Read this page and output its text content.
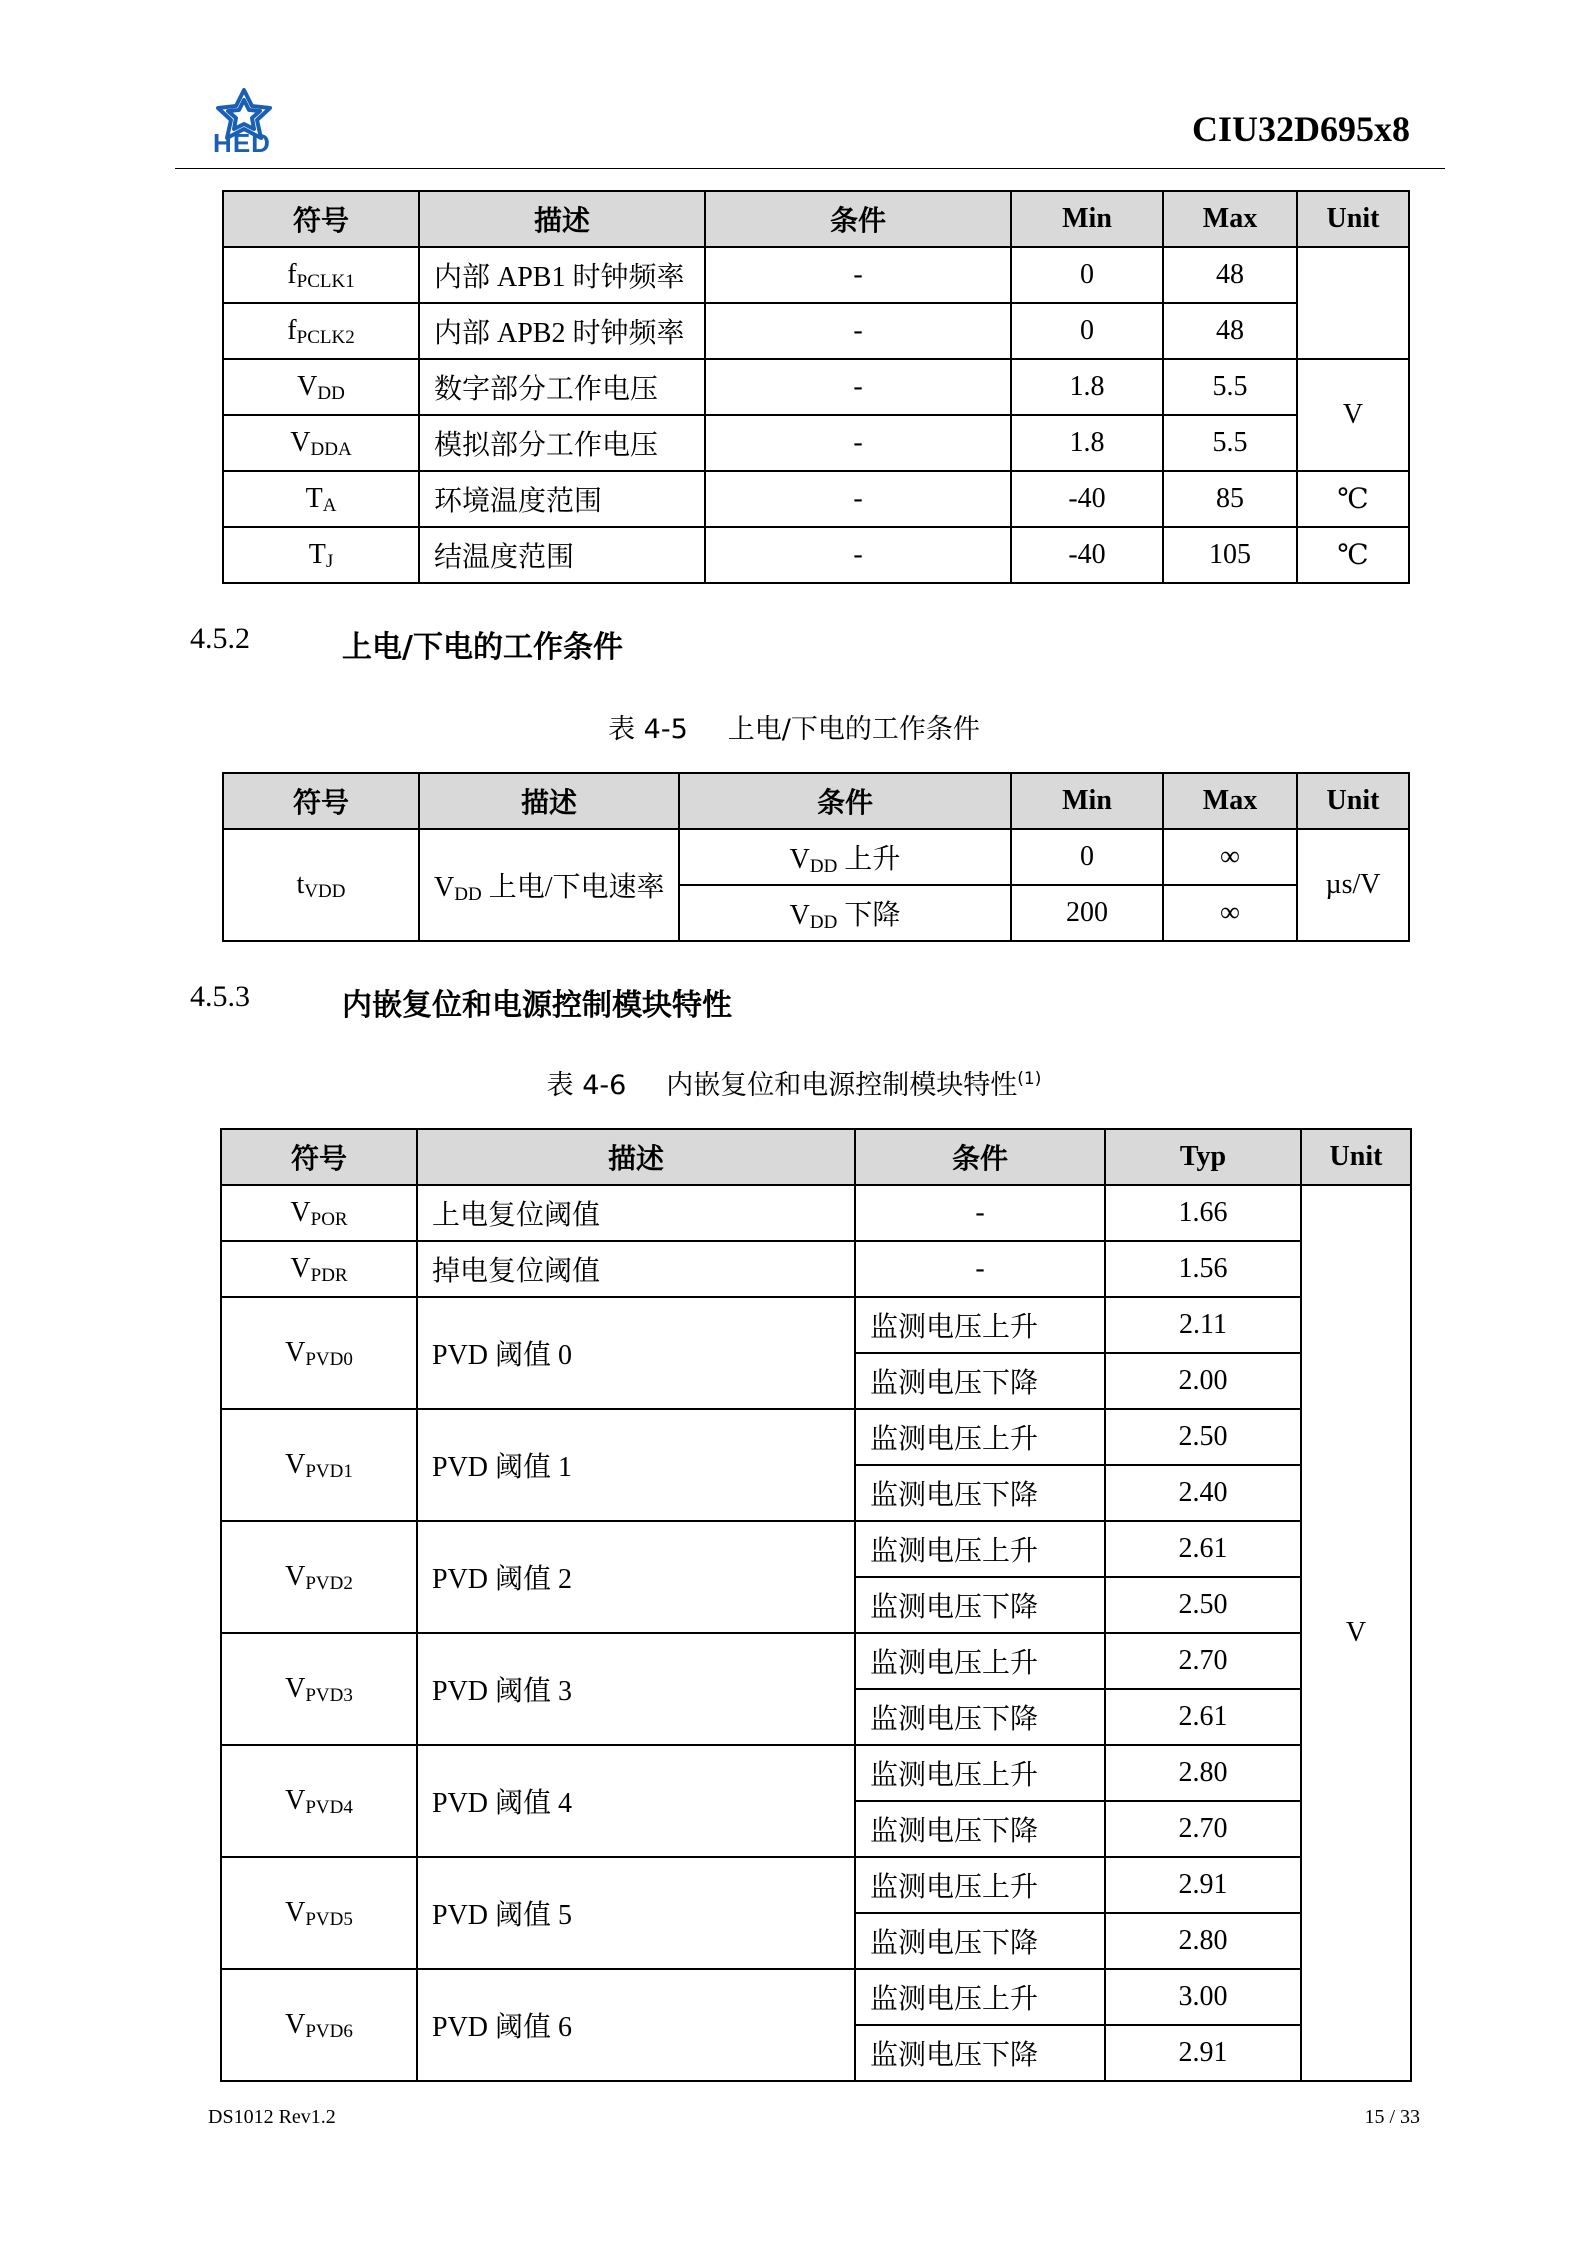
HED	CIU32D695x8
符号	描述	条件	Min	Max	Unit
$f_{PCLK1}$	内部 APB1 时钟频率	-	0	48	
$f_{PCLK2}$	内部 APB2 时钟频率	-	0	48	
$V_{DD}$	数字部分工作电压	-	1.8	5.5	V
$V_{DDA}$	模拟部分工作电压	-	1.8	5.5	
$T_A$	环境温度范围	-	-40	85	℃
$T_J$	结温度范围	-	-40	105	℃
4.5.2	上电/下电的工作条件
表 4-5 上电/下电的工作条件
符号	描述	条件	Min	Max	Unit
$t_{VDD}$	$V_{DD}$ 上电/下电速率	$V_{DD}$ 上升	0	∞	µs/V
		$V_{DD}$ 下降	200	∞	
4.5.3	内嵌复位和电源控制模块特性
表 4-6 内嵌复位和电源控制模块特性$^{(1)}$
符号	描述	条件	Typ	Unit
$V_{POR}$	上电复位阈值	-	1.66	V
$V_{PDR}$	掉电复位阈值	-	1.56	
$V_{PVD0}$	PVD 阈值 0	监测电压上升	2.11	
		监测电压下降	2.00	
$V_{PVD1}$	PVD 阈值 1	监测电压上升	2.50	
		监测电压下降	2.40	
$V_{PVD2}$	PVD 阈值 2	监测电压上升	2.61	
		监测电压下降	2.50	
$V_{PVD3}$	PVD 阈值 3	监测电压上升	2.70	
		监测电压下降	2.61	
$V_{PVD4}$	PVD 阈值 4	监测电压上升	2.80	
		监测电压下降	2.70	
$V_{PVD5}$	PVD 阈值 5	监测电压上升	2.91	
		监测电压下降	2.80	
$V_{PVD6}$	PVD 阈值 6	监测电压上升	3.00	
		监测电压下降	2.91	
DS1012 Rev1.2	15 / 33
